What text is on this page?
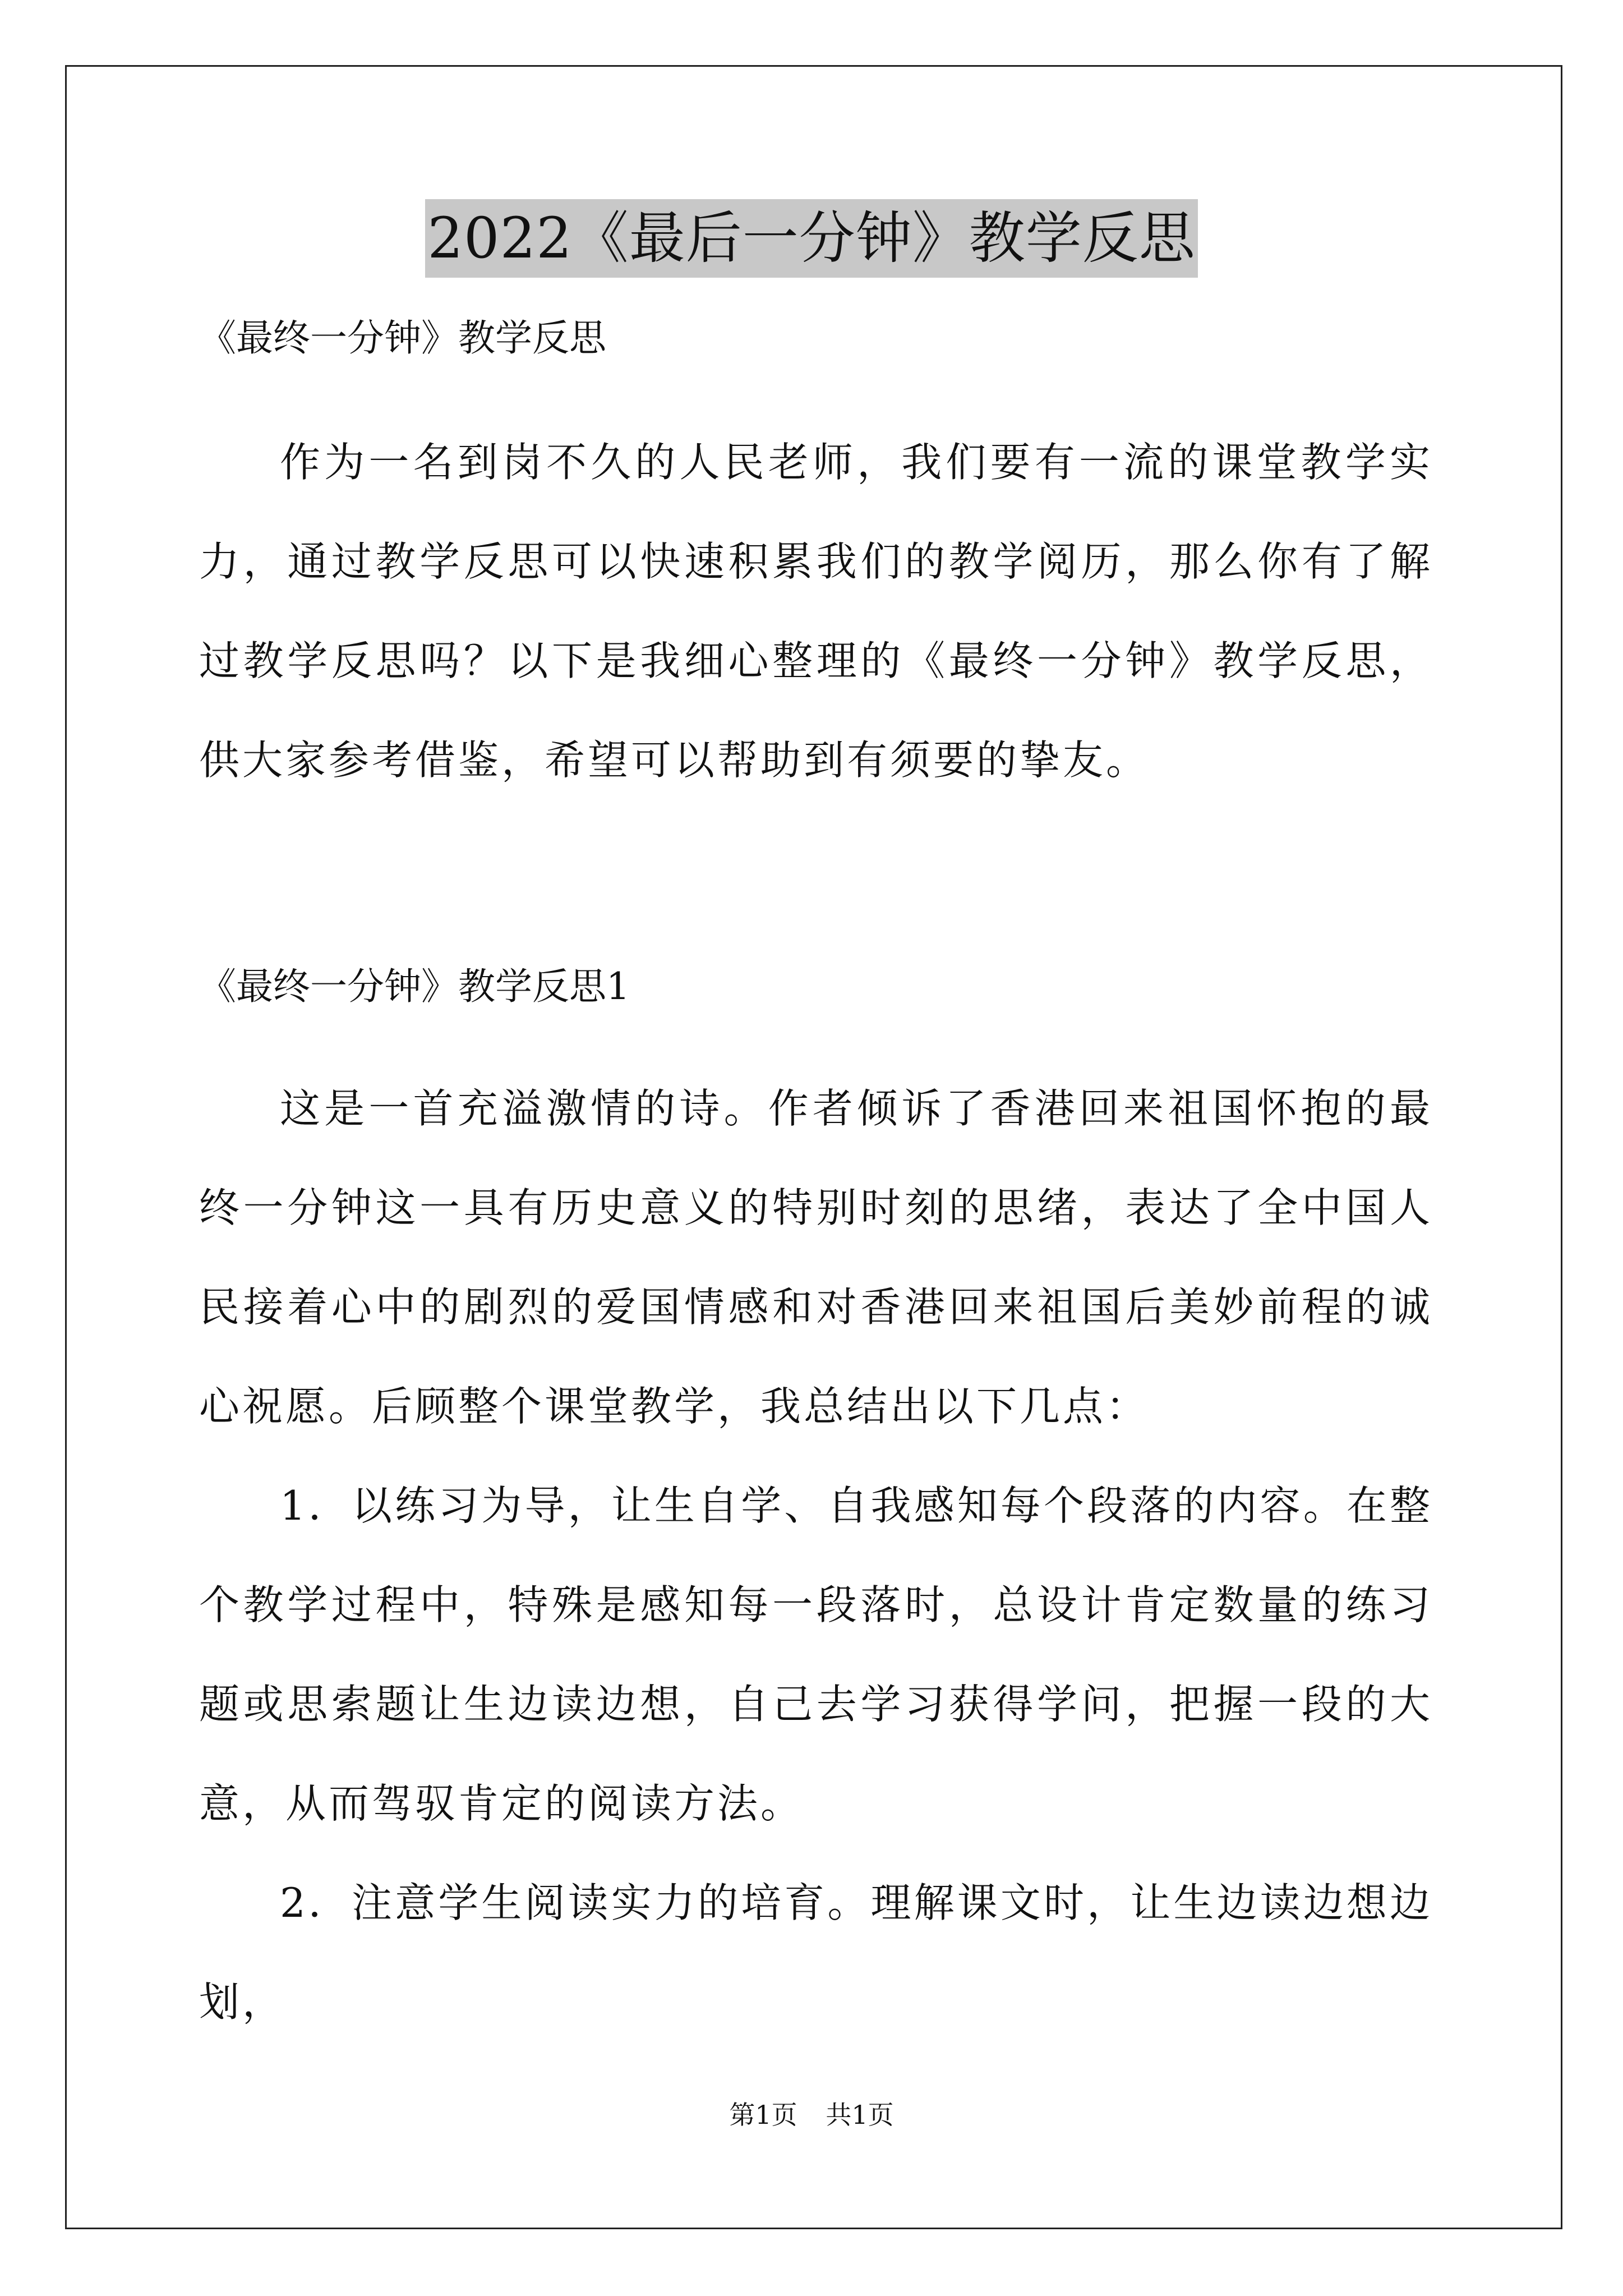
2022《最后一分钟》教学反思

《最终一分钟》教学反思

作为一名到岗不久的人民老师，我们要有一流的课堂教学实力，通过教学反思可以快速积累我们的教学阅历，那么你有了解过教学反思吗？以下是我细心整理的《最终一分钟》教学反思，供大家参考借鉴，希望可以帮助到有须要的挚友。

《最终一分钟》教学反思1

这是一首充溢激情的诗。作者倾诉了香港回来祖国怀抱的最终一分钟这一具有历史意义的特别时刻的思绪，表达了全中国人民接着心中的剧烈的爱国情感和对香港回来祖国后美妙前程的诚心祝愿。后顾整个课堂教学，我总结出以下几点：

1．以练习为导，让生自学、自我感知每个段落的内容。在整个教学过程中，特殊是感知每一段落时，总设计肯定数量的练习题或思索题让生边读边想，自己去学习获得学问，把握一段的大意，从而驾驭肯定的阅读方法。

2．注意学生阅读实力的培育。理解课文时，让生边读边想边划，

第1页 共1页
